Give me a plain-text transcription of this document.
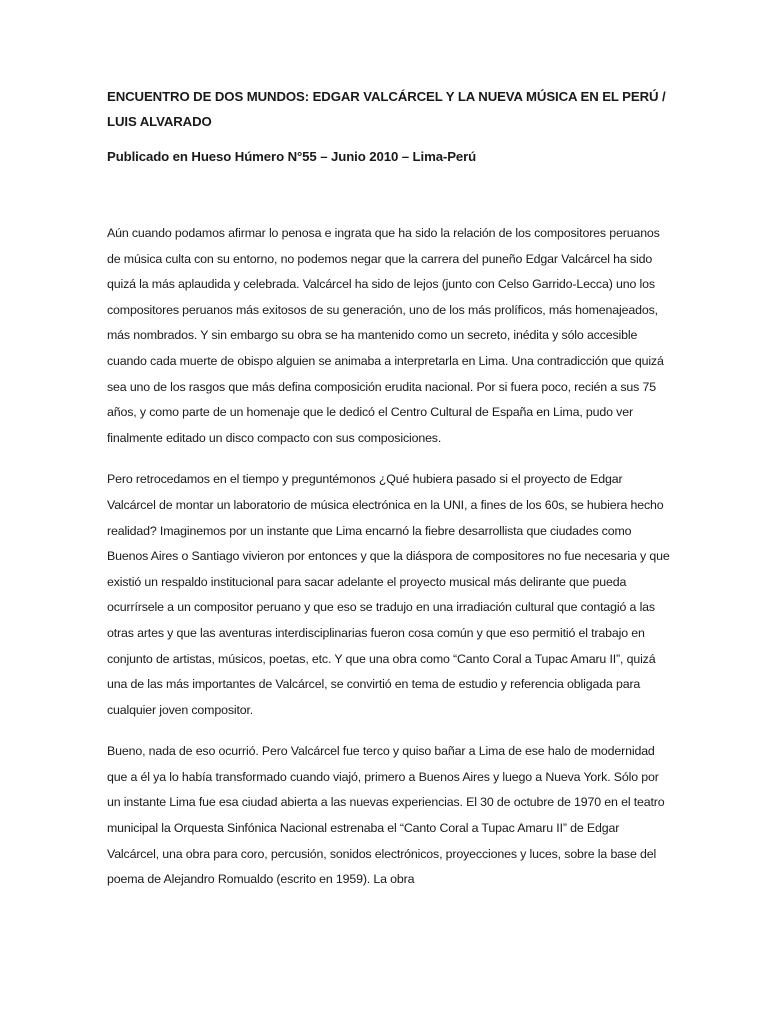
ENCUENTRO DE DOS MUNDOS: EDGAR VALCÁRCEL Y LA NUEVA MÚSICA EN EL PERÚ / LUIS ALVARADO

Publicado en Hueso Húmero N°55 – Junio 2010 – Lima-Perú

Aún cuando podamos afirmar lo penosa e ingrata que ha sido la relación de los compositores peruanos de música culta con su entorno, no podemos negar que la carrera del puneño Edgar Valcárcel ha sido quizá la más aplaudida y celebrada. Valcárcel ha sido de lejos (junto con Celso Garrido-Lecca) uno los compositores peruanos más exitosos de su generación, uno de los más prolíficos, más homenajeados, más nombrados. Y sin embargo su obra se ha mantenido como un secreto, inédita y sólo accesible cuando cada muerte de obispo alguien se animaba a interpretarla en Lima. Una contradicción que quizá sea uno de los rasgos que más defina composición erudita nacional. Por si fuera poco, recién a sus 75 años, y como parte de un homenaje que le dedicó el Centro Cultural de España en Lima, pudo ver finalmente editado un disco compacto con sus composiciones.

Pero retrocedamos en el tiempo y preguntémonos ¿Qué hubiera pasado si el proyecto de Edgar Valcárcel de montar un laboratorio de música electrónica en la UNI, a fines de los 60s, se hubiera hecho realidad? Imaginemos por un instante que Lima encarnó la fiebre desarrollista que ciudades como Buenos Aires o Santiago vivieron por entonces y que la diáspora de compositores no fue necesaria y que existió un respaldo institucional para sacar adelante el proyecto musical más delirante que pueda ocurrírsele a un compositor peruano y que eso se tradujo en una irradiación cultural que contagió a las otras artes y que las aventuras interdisciplinarias fueron cosa común y que eso permitió el trabajo en conjunto de artistas, músicos, poetas, etc. Y que una obra como “Canto Coral a Tupac Amaru II”, quizá una de las más importantes de Valcárcel, se convirtió en tema de estudio y referencia obligada para cualquier joven compositor.

Bueno, nada de eso ocurrió. Pero Valcárcel fue terco y quiso bañar a Lima de ese halo de modernidad que a él ya lo había transformado cuando viajó, primero a Buenos Aires y luego a Nueva York. Sólo por un instante Lima fue esa ciudad abierta a las nuevas experiencias. El 30 de octubre de 1970 en el teatro municipal la Orquesta Sinfónica Nacional estrenaba el “Canto Coral a Tupac Amaru II” de Edgar Valcárcel, una obra para coro, percusión, sonidos electrónicos, proyecciones y luces, sobre la base del poema de Alejandro Romualdo (escrito en 1959). La obra
